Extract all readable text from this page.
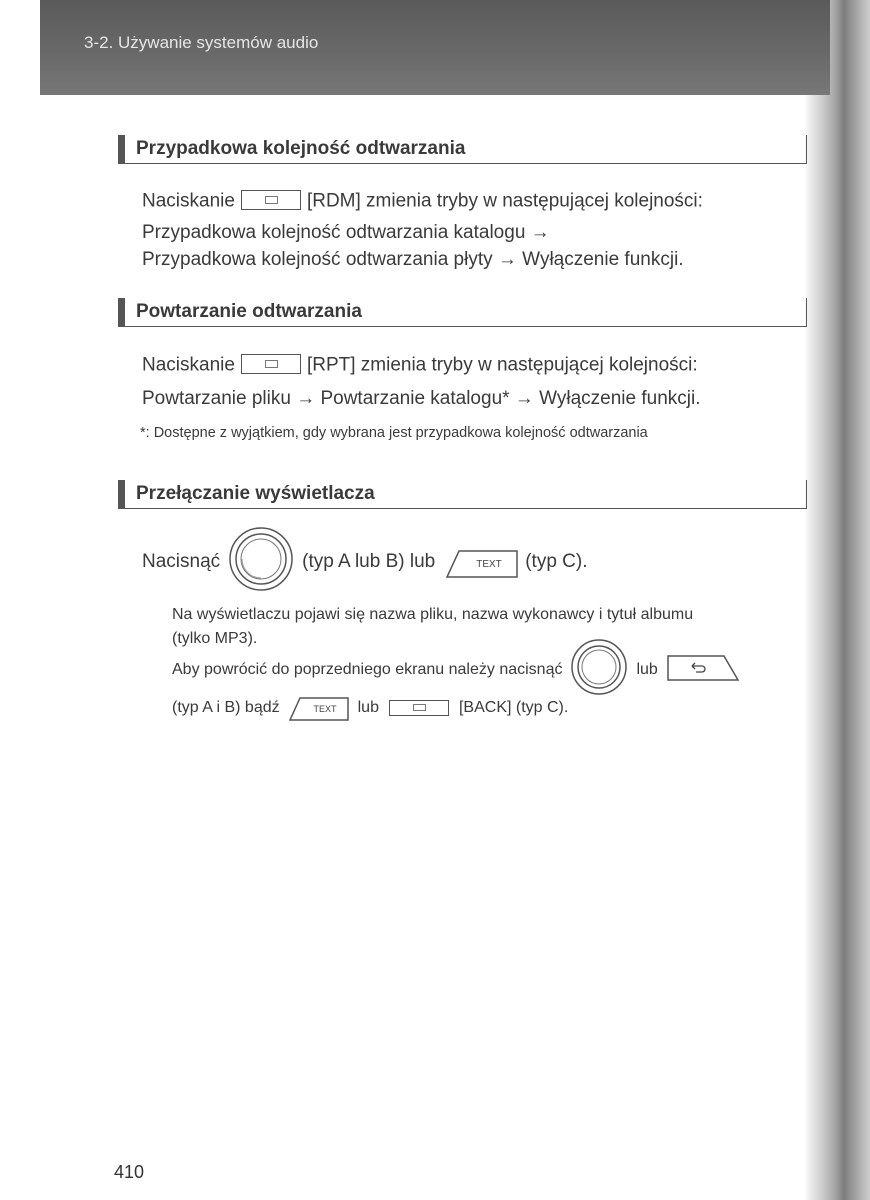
3-2. Używanie systemów audio
Przypadkowa kolejność odtwarzania
Naciskanie	[RDM] zmienia tryby w następującej kolejności:
Przypadkowa kolejność odtwarzania katalogu →
Przypadkowa kolejność odtwarzania płyty → Wyłączenie funkcji.
Powtarzanie odtwarzania
Naciskanie	[RPT] zmienia tryby w następującej kolejności:
Powtarzanie pliku → Powtarzanie katalogu* → Wyłączenie funkcji.
*: Dostępne z wyjątkiem, gdy wybrana jest przypadkowa kolejność odtwarzania
Przełączanie wyświetlacza
Nacisnąć	(typ A lub B) lub	TEXT (typ C).
Na wyświetlaczu pojawi się nazwa pliku, nazwa wykonawcy i tytuł albumu
(tylko MP3).
Aby powrócić do poprzedniego ekranu należy nacisnąć	lub
(typ A i B) bądź	TEXT lub	[BACK] (typ C).
410
